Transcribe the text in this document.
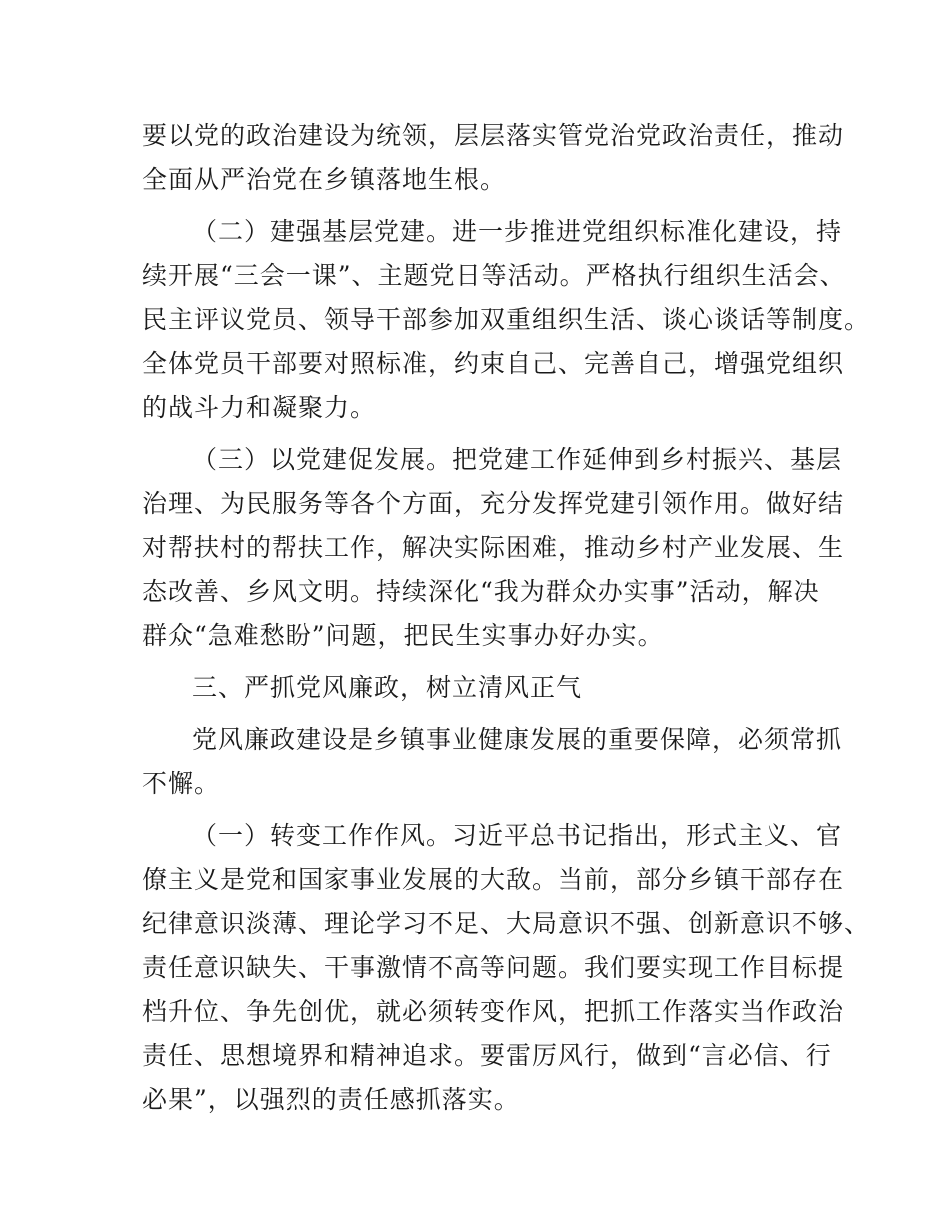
要以党的政治建设为统领，层层落实管党治党政治责任，推动
全面从严治党在乡镇落地生根。
（二）建强基层党建。进一步推进党组织标准化建设，持
续开展“三会一课”、主题党日等活动。严格执行组织生活会、
民主评议党员、领导干部参加双重组织生活、谈心谈话等制度。
全体党员干部要对照标准，约束自己、完善自己，增强党组织
的战斗力和凝聚力。
（三）以党建促发展。把党建工作延伸到乡村振兴、基层
治理、为民服务等各个方面，充分发挥党建引领作用。做好结
对帮扶村的帮扶工作，解决实际困难，推动乡村产业发展、生
态改善、乡风文明。持续深化“我为群众办实事”活动，解决
群众“急难愁盼”问题，把民生实事办好办实。
三、严抓党风廉政，树立清风正气
党风廉政建设是乡镇事业健康发展的重要保障，必须常抓
不懈。
（一）转变工作作风。习近平总书记指出，形式主义、官
僚主义是党和国家事业发展的大敌。当前，部分乡镇干部存在
纪律意识淡薄、理论学习不足、大局意识不强、创新意识不够、
责任意识缺失、干事激情不高等问题。我们要实现工作目标提
档升位、争先创优，就必须转变作风，把抓工作落实当作政治
责任、思想境界和精神追求。要雷厉风行，做到“言必信、行
必果”，以强烈的责任感抓落实。
